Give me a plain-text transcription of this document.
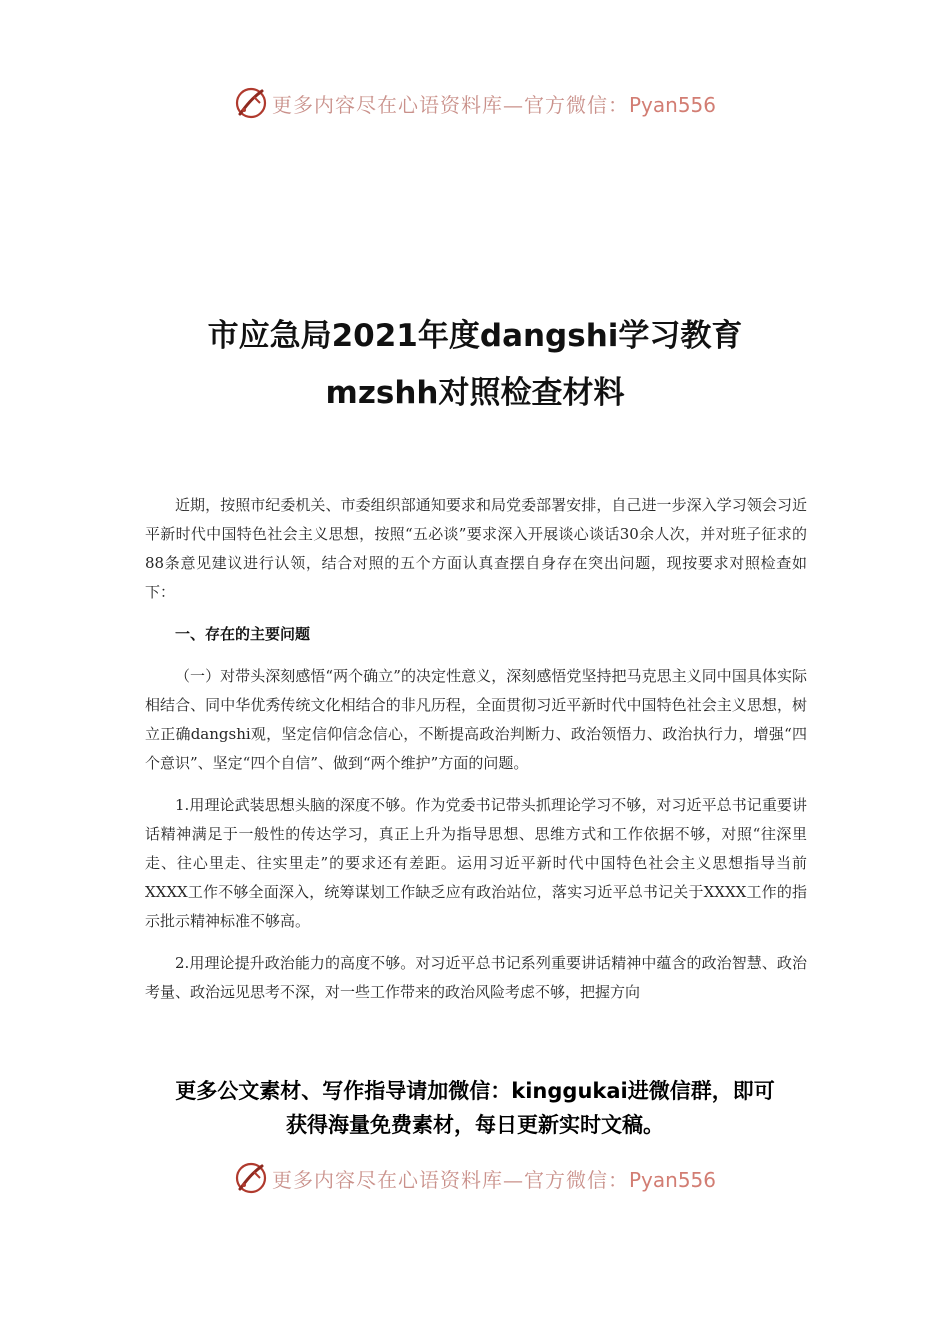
更多内容尽在心语资料库—官方微信：Pyan556
市应急局2021年度dangshi学习教育
mzshh对照检查材料

近期，按照市纪委机关、市委组织部通知要求和局党委部署安排，自己进一步深入学习领会习近平新时代中国特色社会主义思想，按照“五必谈”要求深入开展谈心谈话30余人次，并对班子征求的88条意见建议进行认领，结合对照的五个方面认真查摆自身存在突出问题，现按要求对照检查如下：

一、存在的主要问题

（一）对带头深刻感悟“两个确立”的决定性意义，深刻感悟党坚持把马克思主义同中国具体实际相结合、同中华优秀传统文化相结合的非凡历程，全面贯彻习近平新时代中国特色社会主义思想，树立正确dangshi观，坚定信仰信念信心，不断提高政治判断力、政治领悟力、政治执行力，增强“四个意识”、坚定“四个自信”、做到“两个维护”方面的问题。

1.用理论武装思想头脑的深度不够。作为党委书记带头抓理论学习不够，对习近平总书记重要讲话精神满足于一般性的传达学习，真正上升为指导思想、思维方式和工作依据不够，对照“往深里走、往心里走、往实里走”的要求还有差距。运用习近平新时代中国特色社会主义思想指导当前XXXX工作不够全面深入，统筹谋划工作缺乏应有政治站位，落实习近平总书记关于XXXX工作的指示批示精神标准不够高。

2.用理论提升政治能力的高度不够。对习近平总书记系列重要讲话精神中蕴含的政治智慧、政治考量、政治远见思考不深，对一些工作带来的政治风险考虑不够，把握方向

更多公文素材、写作指导请加微信：kinggukai进微信群，即可
获得海量免费素材，每日更新实时文稿。

更多内容尽在心语资料库—官方微信：Pyan556
